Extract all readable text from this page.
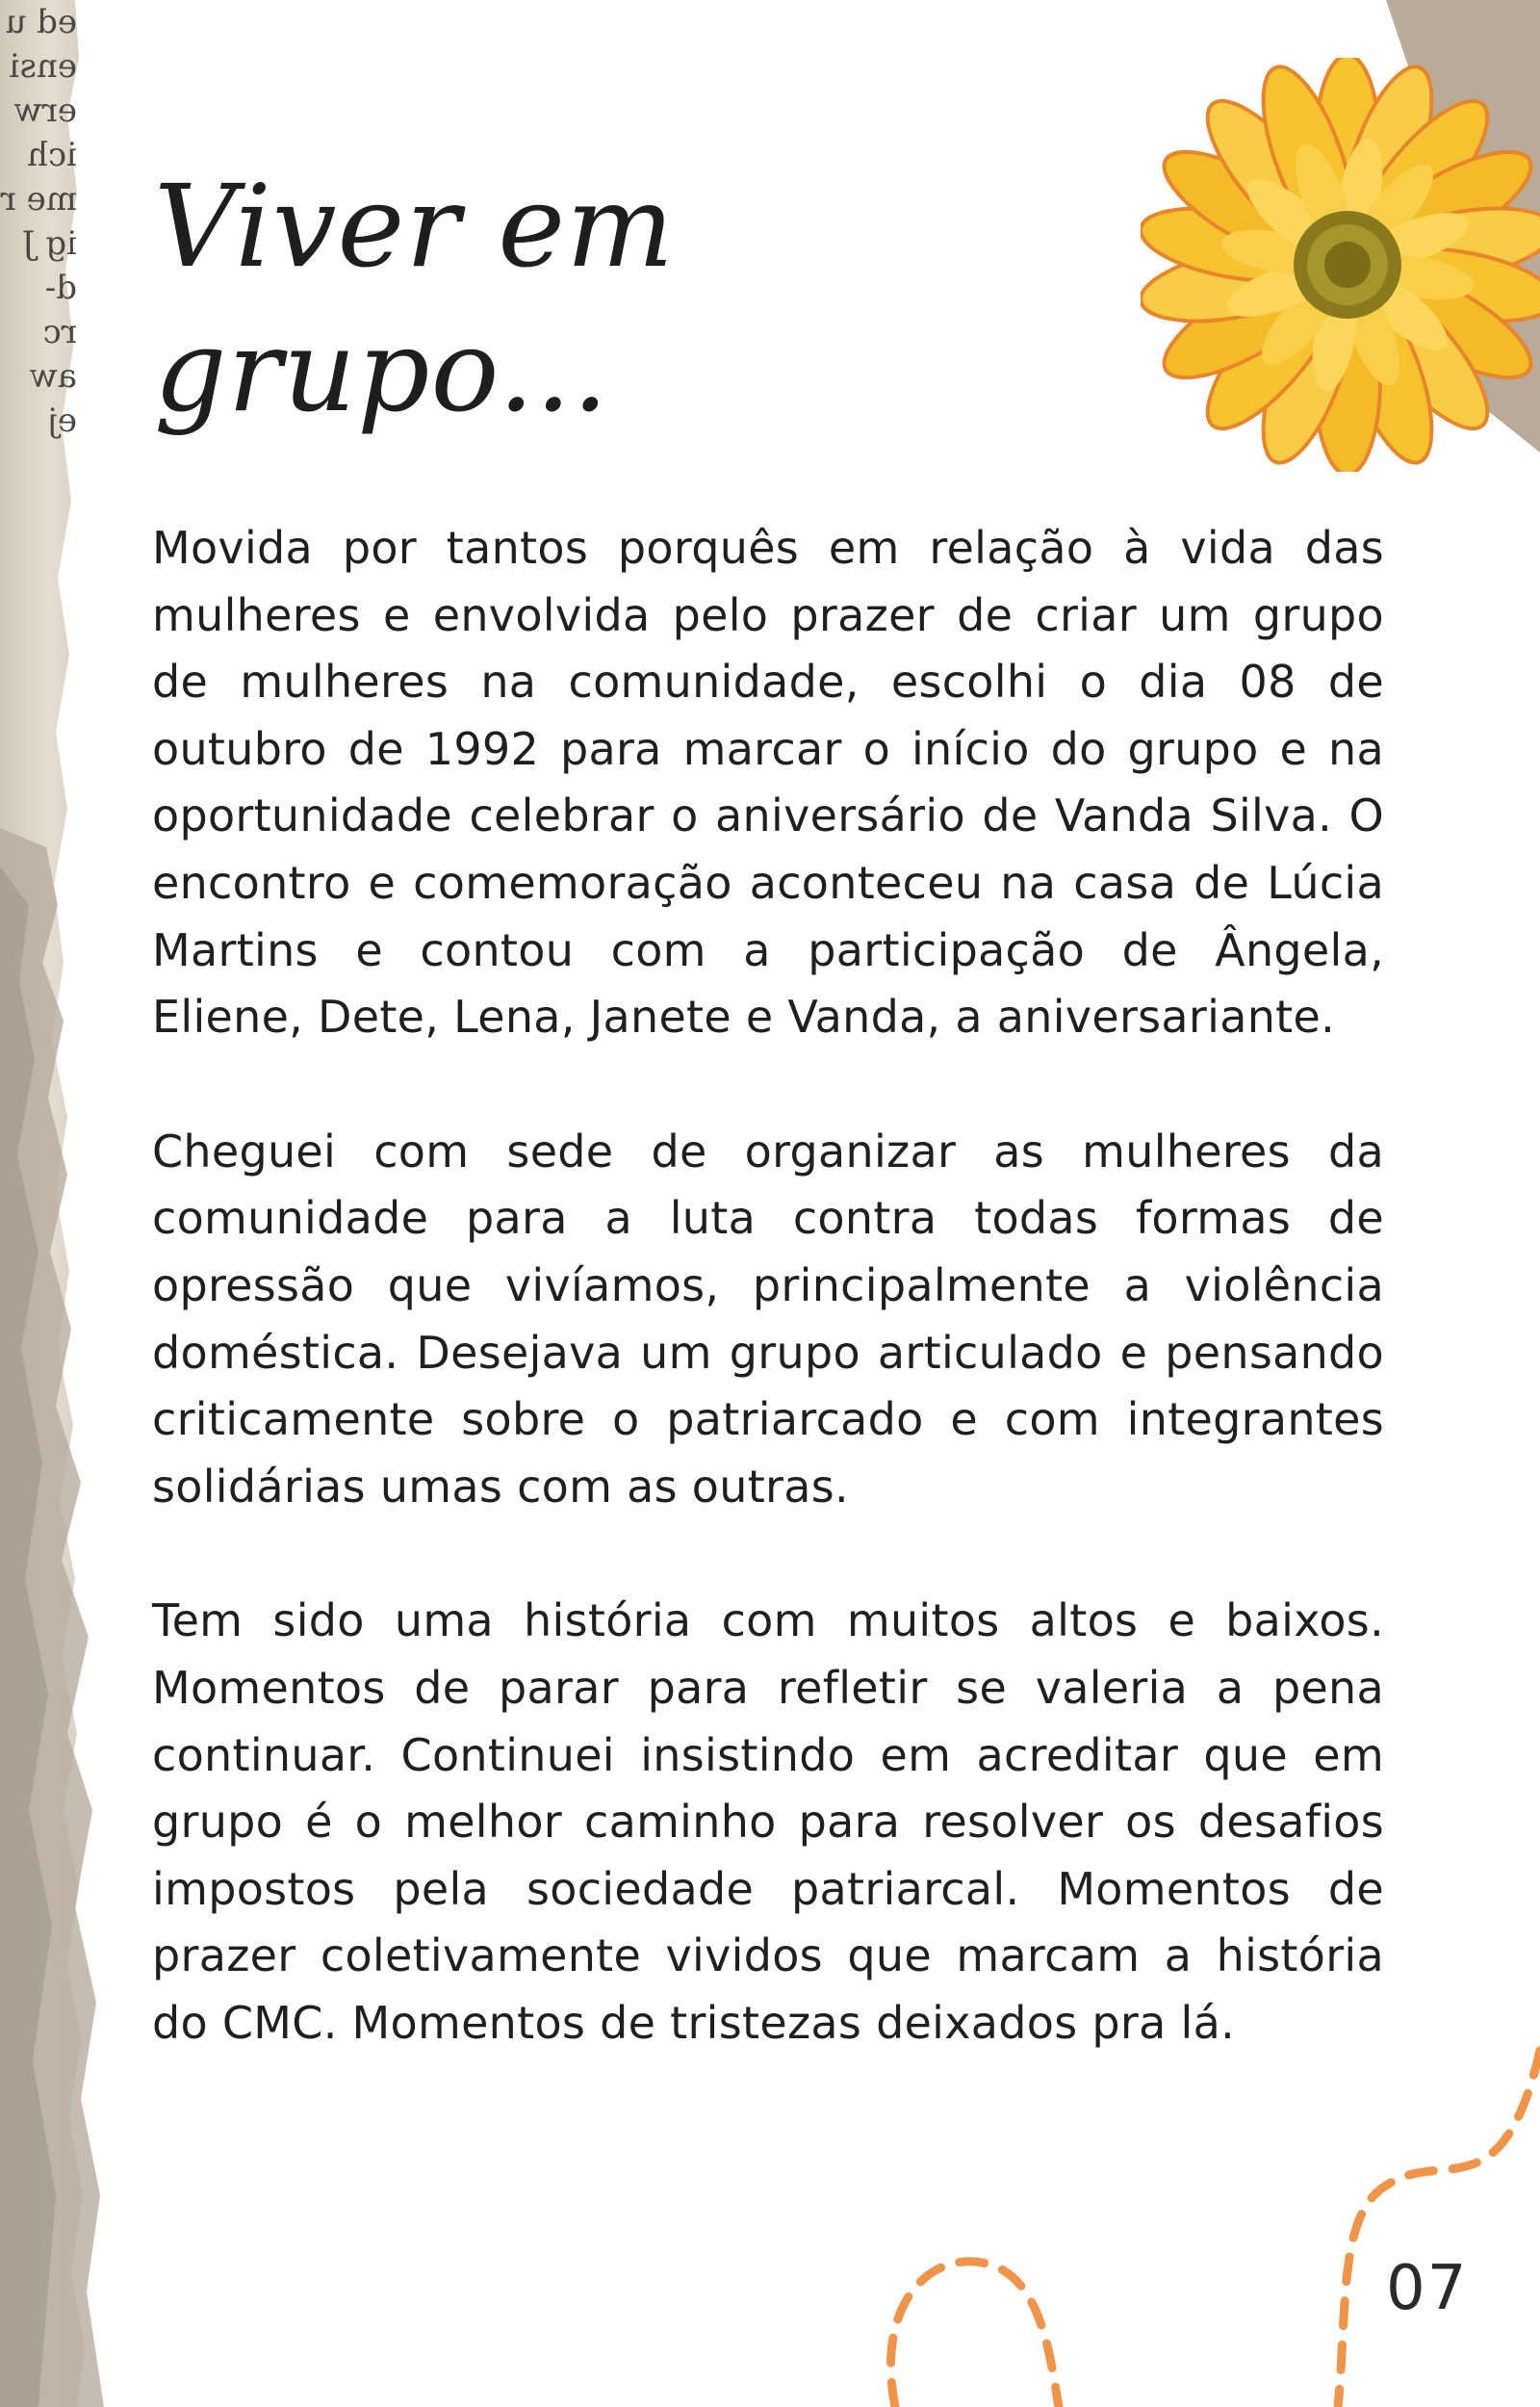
ed u
ensi
erw
ich
me r
ig J
d-
rc
aw
ej
Viver em
grupo...

Movida por tantos porquês em relação à vida das mulheres e envolvida pelo prazer de criar um grupo de mulheres na comunidade, escolhi o dia 08 de outubro de 1992 para marcar o início do grupo e na oportunidade celebrar o aniversário de Vanda Silva. O encontro e comemoração aconteceu na casa de Lúcia Martins e contou com a participação de Ângela, Eliene, Dete, Lena, Janete e Vanda, a aniversariante.

Cheguei com sede de organizar as mulheres da comunidade para a luta contra todas formas de opressão que vivíamos, principalmente a violência doméstica. Desejava um grupo articulado e pensando criticamente sobre o patriarcado e com integrantes solidárias umas com as outras.

Tem sido uma história com muitos altos e baixos. Momentos de parar para refletir se valeria a pena continuar. Continuei insistindo em acreditar que em grupo é o melhor caminho para resolver os desafios impostos pela sociedade patriarcal. Momentos de prazer coletivamente vividos que marcam a história do CMC. Momentos de tristezas deixados pra lá.

07
